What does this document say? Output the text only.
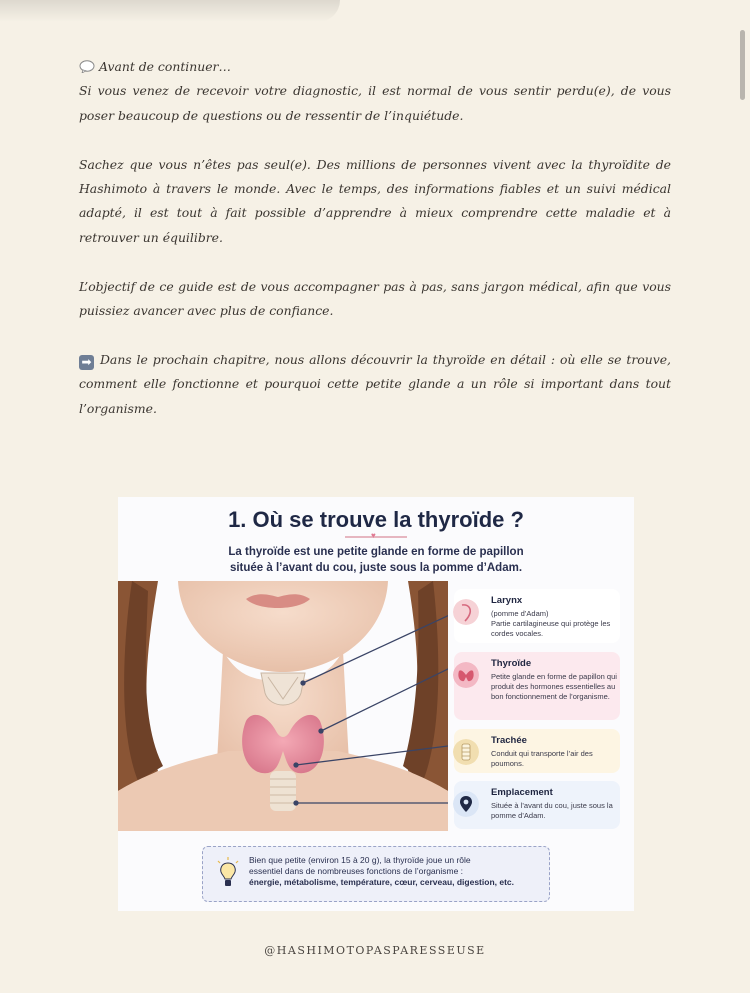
Avant de continuer…

Si vous venez de recevoir votre diagnostic, il est normal de vous sentir perdu(e), de vous poser beaucoup de questions ou de ressentir de l’inquiétude.

Sachez que vous n’êtes pas seul(e). Des millions de personnes vivent avec la thyroïdite de Hashimoto à travers le monde. Avec le temps, des informations fiables et un suivi médical adapté, il est tout à fait possible d’apprendre à mieux comprendre cette maladie et à retrouver un équilibre.

L’objectif de ce guide est de vous accompagner pas à pas, sans jargon médical, afin que vous puissiez avancer avec plus de confiance.

➡ Dans le prochain chapitre, nous allons découvrir la thyroïde en détail : où elle se trouve, comment elle fonctionne et pourquoi cette petite glande a un rôle si important dans tout l’organisme.

1. Où se trouve la thyroïde ?
♥
La thyroïde est une petite glande en forme de papillon
située à l’avant du cou, juste sous la pomme d’Adam.
Larynx
(pomme d’Adam)
Partie cartilagineuse qui protège les cordes vocales.
Thyroïde
Petite glande en forme de papillon qui produit des hormones essentielles au bon fonctionnement de l’organisme.
Trachée
Conduit qui transporte l’air des poumons.
Emplacement
Située à l’avant du cou, juste sous la pomme d’Adam.
Bien que petite (environ 15 à 20 g), la thyroïde joue un rôle
essentiel dans de nombreuses fonctions de l’organisme :
énergie, métabolisme, température, cœur, cerveau, digestion, etc.
@HASHIMOTOPASPARESSEUSE
